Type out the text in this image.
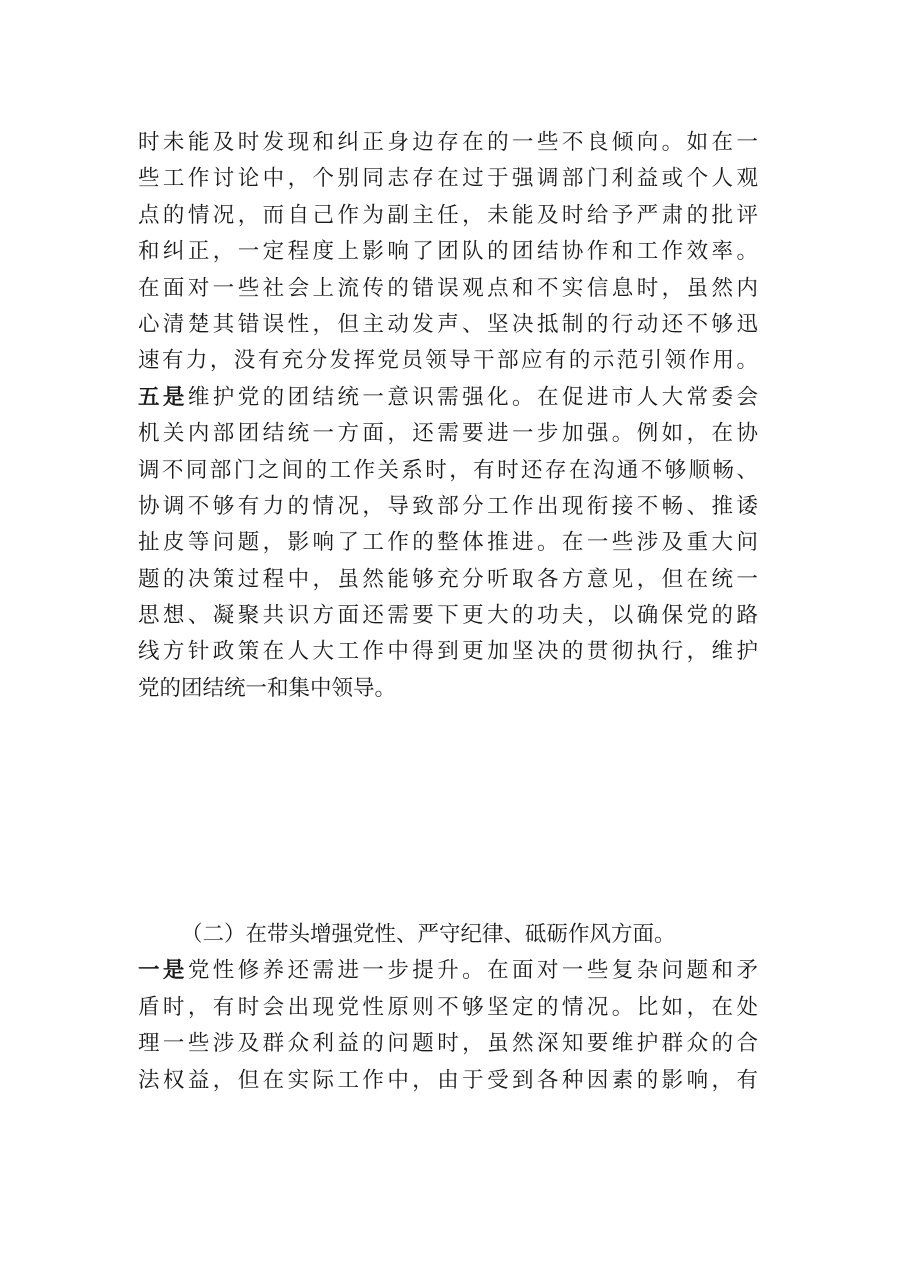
时未能及时发现和纠正身边存在的一些不良倾向。如在一
些工作讨论中，个别同志存在过于强调部门利益或个人观
点的情况，而自己作为副主任，未能及时给予严肃的批评
和纠正，一定程度上影响了团队的团结协作和工作效率。
在面对一些社会上流传的错误观点和不实信息时，虽然内
心清楚其错误性，但主动发声、坚决抵制的行动还不够迅
速有力，没有充分发挥党员领导干部应有的示范引领作用。
五是维护党的团结统一意识需强化。在促进市人大常委会
机关内部团结统一方面，还需要进一步加强。例如，在协
调不同部门之间的工作关系时，有时还存在沟通不够顺畅、
协调不够有力的情况，导致部分工作出现衔接不畅、推诿
扯皮等问题，影响了工作的整体推进。在一些涉及重大问
题的决策过程中，虽然能够充分听取各方意见，但在统一
思想、凝聚共识方面还需要下更大的功夫，以确保党的路
线方针政策在人大工作中得到更加坚决的贯彻执行，维护
党的团结统一和集中领导。
（二）在带头增强党性、严守纪律、砥砺作风方面。
一是党性修养还需进一步提升。在面对一些复杂问题和矛
盾时，有时会出现党性原则不够坚定的情况。比如，在处
理一些涉及群众利益的问题时，虽然深知要维护群众的合
法权益，但在实际工作中，由于受到各种因素的影响，有
